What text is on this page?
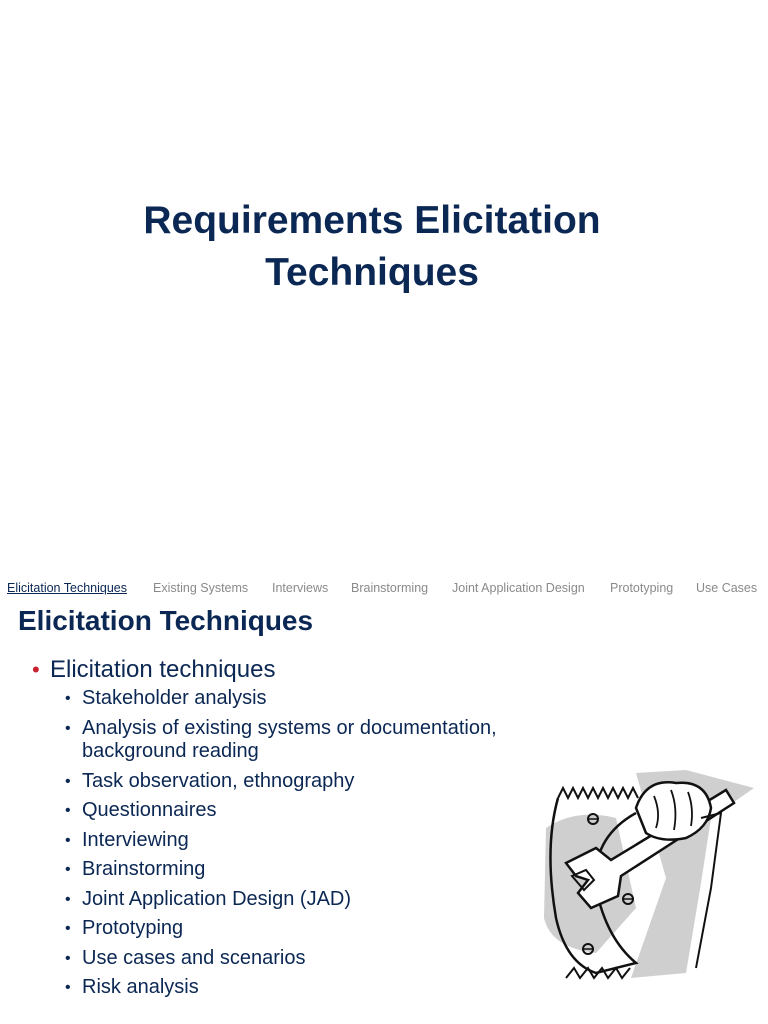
Requirements Elicitation
Techniques
Elicitation Techniques Existing Systems Interviews Brainstorming Joint Application Design Prototyping Use Cases
Elicitation Techniques
• Elicitation techniques
• Stakeholder analysis
• Analysis of existing systems or documentation, background reading
• Task observation, ethnography
• Questionnaires
• Interviewing
• Brainstorming
• Joint Application Design (JAD)
• Prototyping
• Use cases and scenarios
• Risk analysis
